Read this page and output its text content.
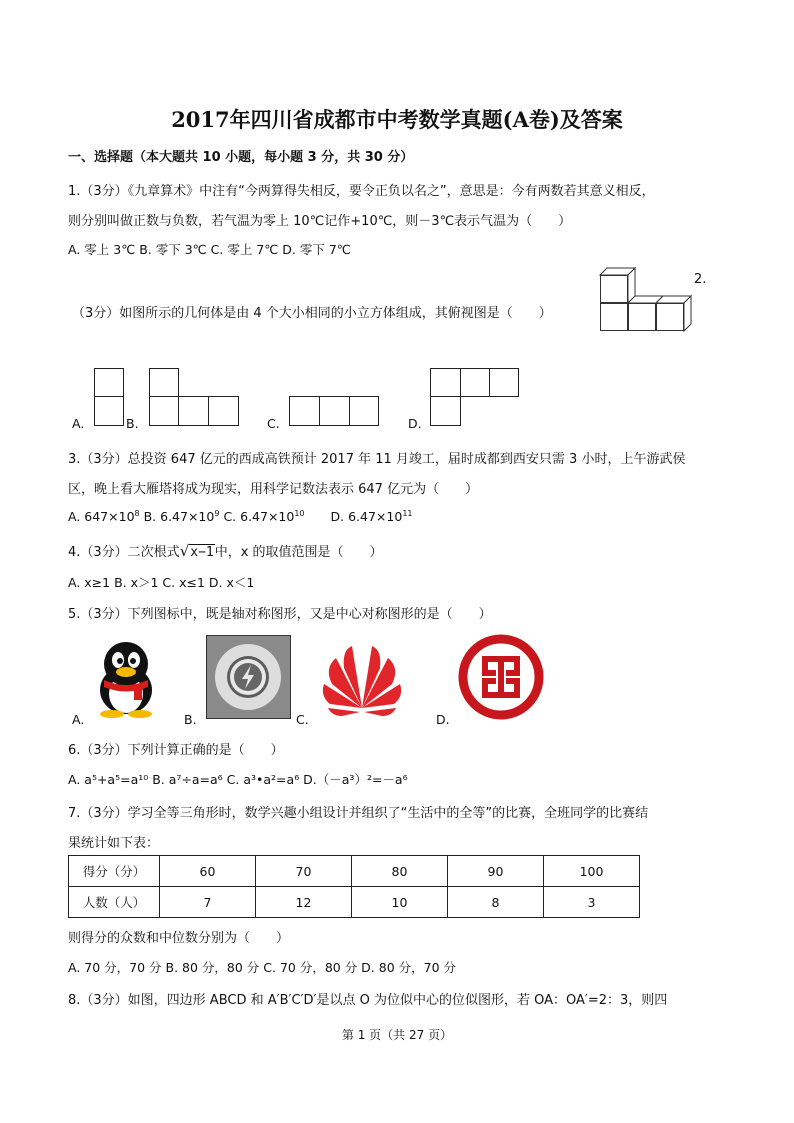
2017年四川省成都市中考数学真题(A卷)及答案
一、选择题（本大题共 10 小题，每小题 3 分，共 30 分）
1.（3分）《九章算术》中注有“今两算得失相反，要令正负以名之”，意思是：今有两数若其意义相反，
则分别叫做正数与负数，若气温为零上 10℃记作+10℃，则－3℃表示气温为（　　）
A. 零上 3℃ B. 零下 3℃ C. 零上 7℃ D. 零下 7℃
2.
（3分）如图所示的几何体是由 4 个大小相同的小立方体组成，其俯视图是（　　）
A.	B.	C.	D.
3.（3分）总投资 647 亿元的西成高铁预计 2017 年 11 月竣工，届时成都到西安只需 3 小时，上午游武侯
区，晚上看大雁塔将成为现实，用科学记数法表示 647 亿元为（　　）
A. $647\times 10^8$ B. $6.47\times 10^9$ C. $6.47\times 10^{10}$ D. $6.47\times 10^{11}$
4.（3分）二次根式√x−1中，x 的取值范围是（　　）
A. x≥1 B. x＞1 C. x≤1 D. x＜1
5.（3分）下列图标中，既是轴对称图形，又是中心对称图形的是（　　）
A.	B.	C.	D.
6.（3分）下列计算正确的是（　　）
A. a⁵+a⁵=a¹⁰ B. a⁷÷a=a⁶ C. a³•a²=a⁶ D.（－a³）²=－a⁶
7.（3分）学习全等三角形时，数学兴趣小组设计并组织了“生活中的全等”的比赛，全班同学的比赛结
果统计如下表：
得分（分）	60	70	80	90	100
人数（人）	7	12	10	8	3
则得分的众数和中位数分别为（　　）
A. 70 分，70 分 B. 80 分，80 分 C. 70 分，80 分 D. 80 分，70 分
8.（3分）如图，四边形 ABCD 和 A′B′C′D′是以点 O 为位似中心的位似图形，若 OA：OA′=2：3，则四
第 1 页（共 27 页）
